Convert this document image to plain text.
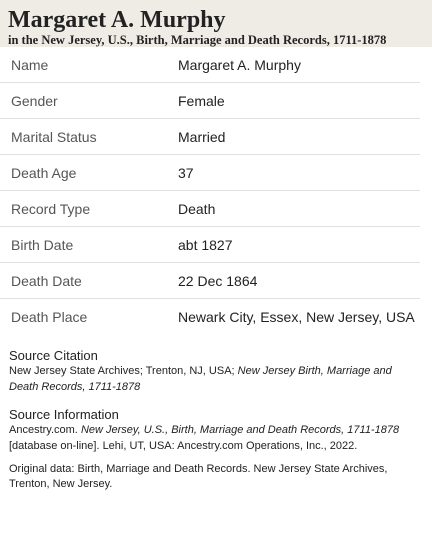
Margaret A. Murphy
in the New Jersey, U.S., Birth, Marriage and Death Records, 1711-1878
Name	Margaret A. Murphy
Gender	Female
Marital Status	Married
Death Age	37
Record Type	Death
Birth Date	abt 1827
Death Date	22 Dec 1864
Death Place	Newark City, Essex, New Jersey, USA
Source Citation
New Jersey State Archives; Trenton, NJ, USA; New Jersey Birth, Marriage and Death Records, 1711-1878
Source Information
Ancestry.com. New Jersey, U.S., Birth, Marriage and Death Records, 1711-1878 [database on-line]. Lehi, UT, USA: Ancestry.com Operations, Inc., 2022.
Original data: Birth, Marriage and Death Records. New Jersey State Archives, Trenton, New Jersey.
